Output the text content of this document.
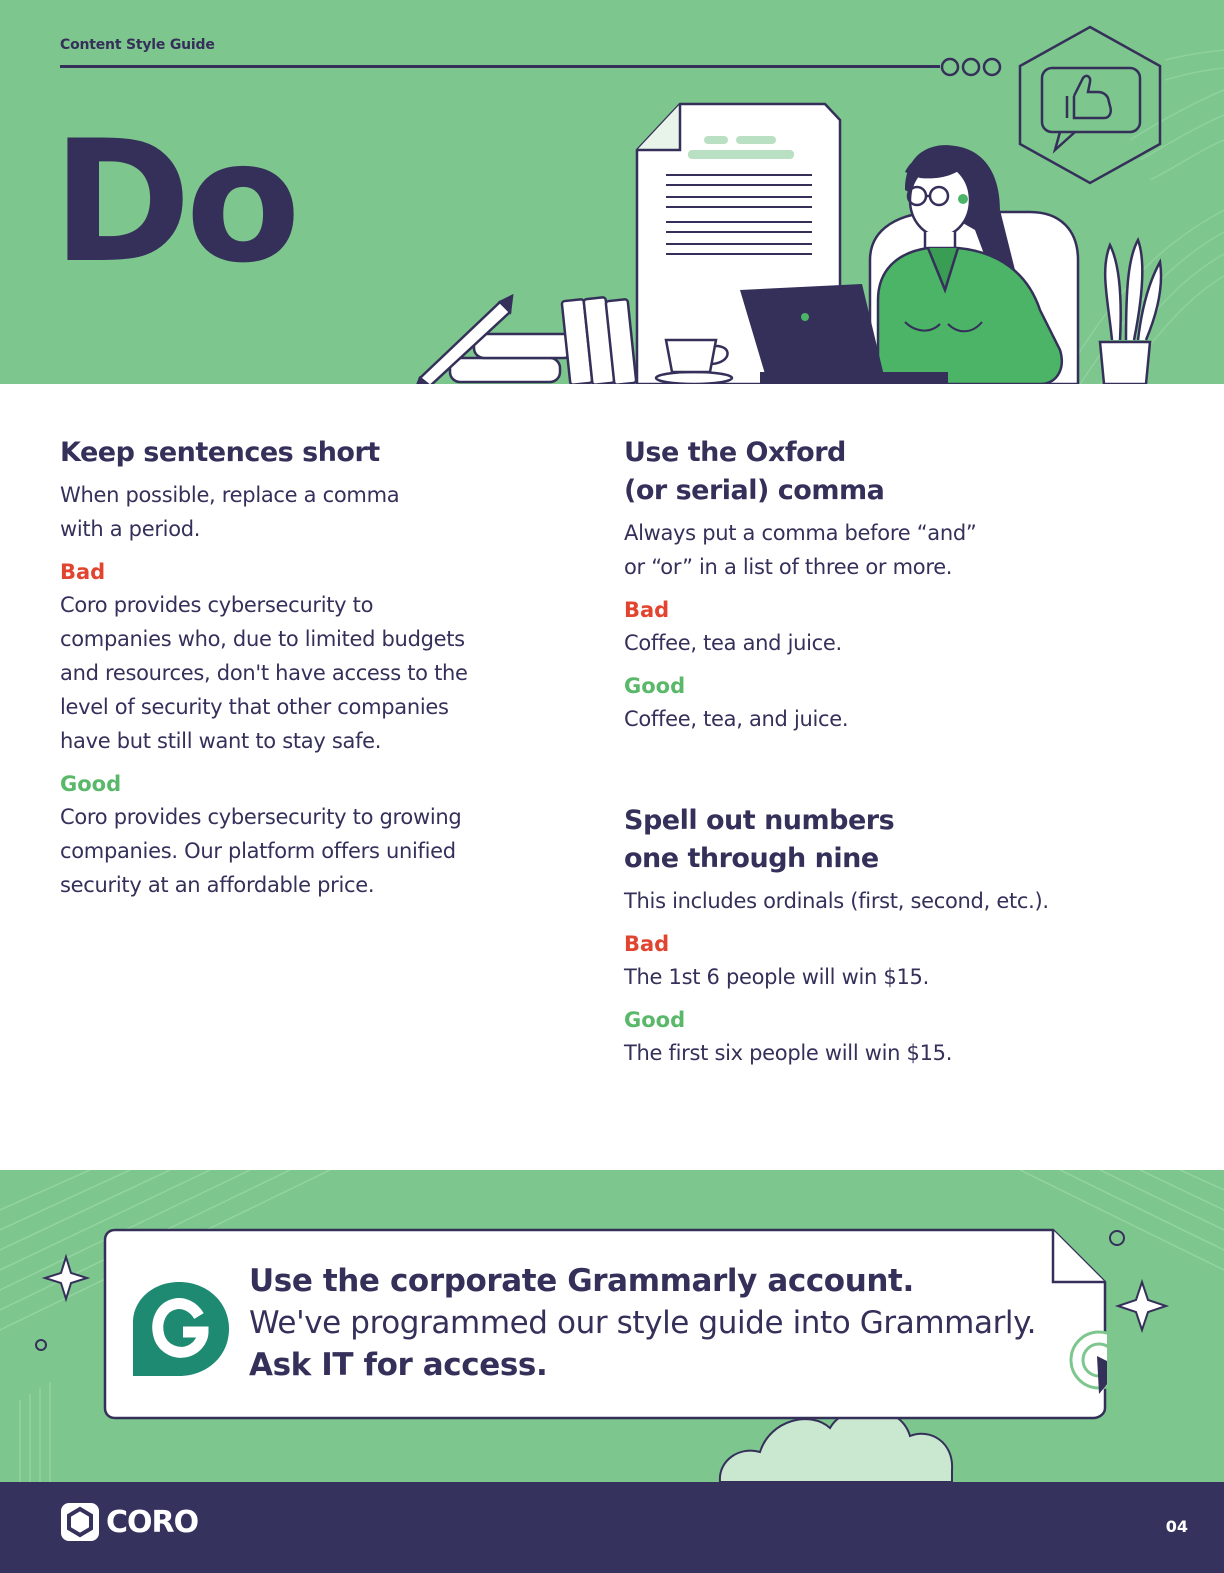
Content Style Guide
Do
Keep sentences short

When possible, replace a comma
with a period.

Bad

Coro provides cybersecurity to
companies who, due to limited budgets
and resources, don't have access to the
level of security that other companies
have but still want to stay safe.

Good

Coro provides cybersecurity to growing
companies. Our platform offers unified
security at an affordable price.

Use the Oxford
(or serial) comma

Always put a comma before “and”
or “or” in a list of three or more.

Bad

Coffee, tea and juice.

Good

Coffee, tea, and juice.

Spell out numbers
one through nine

This includes ordinals (first, second, etc.).

Bad

The 1st 6 people will win $15.

Good

The first six people will win $15.

Use the corporate Grammarly account.
We've programmed our style guide into Grammarly.
Ask IT for access.
CORO	04
